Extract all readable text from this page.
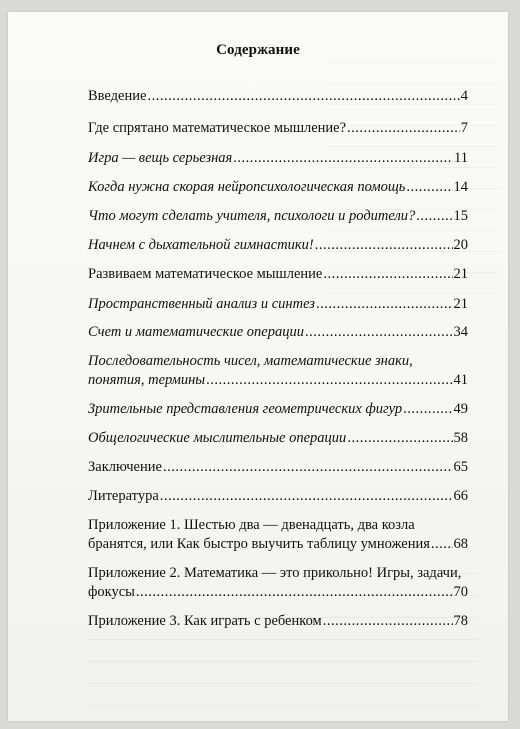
Содержание
Введение .....	4
Где спрятано математическое мышление? .....	7
Игра — вещь серьезная .....	11
Когда нужна скорая нейропсихологическая помощь .....	14
Что могут сделать учителя, психологи и родители? .....	15
Начнем с дыхательной гимнастики! .....	20
Развиваем математическое мышление .....	21
Пространственный анализ и синтез .....	21
Счет и математические операции .....	34
Последовательность чисел, математические знаки,
понятия, термины .....	41
Зрительные представления геометрических фигур .....	49
Общелогические мыслительные операции .....	58
Заключение .....	65
Литература .....	66
Приложение 1. Шестью два — двенадцать, два козла
бранятся, или Как быстро выучить таблицу умножения ..... 68
Приложение 2. Математика — это прикольно! Игры, задачи,
фокусы .....	70
Приложение 3. Как играть с ребенком .....	78
